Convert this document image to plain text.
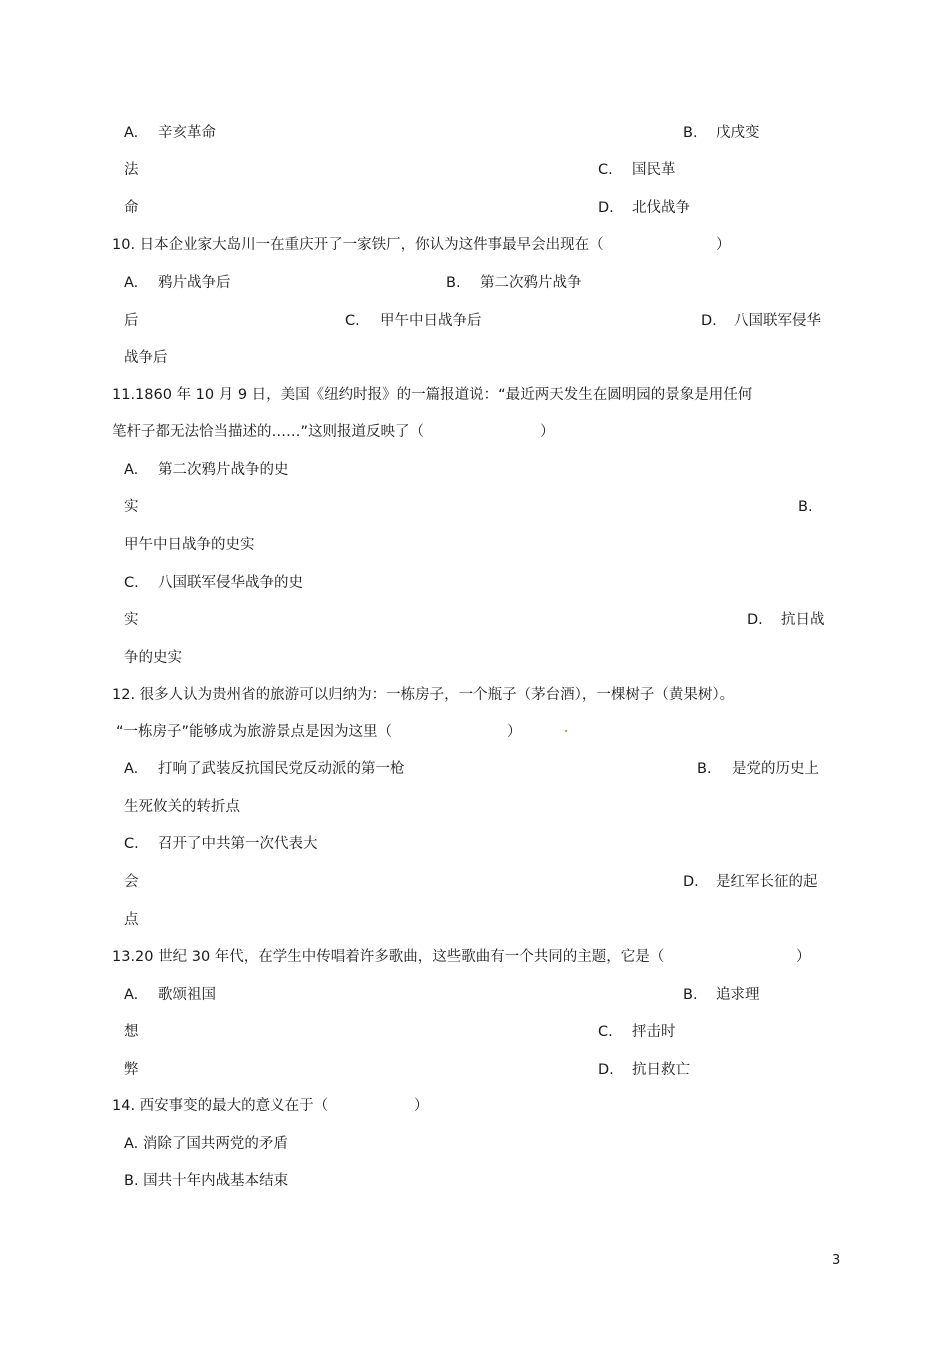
A. 辛亥革命	B. 戊戌变
法	C. 国民革
命	D. 北伐战争
10. 日本企业家大岛川一在重庆开了一家铁厂，你认为这件事最早会出现在（	）
A. 鸦片战争后	B. 第二次鸦片战争
后	C. 甲午中日战争后	D. 八国联军侵华
战争后
11.1860 年 10 月 9 日，美国《纽约时报》的一篇报道说：“最近两天发生在圆明园的景象是用任何
笔杆子都无法恰当描述的……”这则报道反映了（	）
A. 第二次鸦片战争的史
实	B.
甲午中日战争的史实
C. 八国联军侵华战争的史
实	D. 抗日战
争的史实
12. 很多人认为贵州省的旅游可以归纳为：一栋房子，一个瓶子（茅台酒），一棵树子（黄果树）。
“一栋房子”能够成为旅游景点是因为这里（	）
A. 打响了武装反抗国民党反动派的第一枪	B. 是党的历史上
生死攸关的转折点
C. 召开了中共第一次代表大
会	D. 是红军长征的起
点
13.20 世纪 30 年代，在学生中传唱着许多歌曲，这些歌曲有一个共同的主题，它是（	）
A. 歌颂祖国	B. 追求理
想	C. 抨击时
弊	D. 抗日救亡
14. 西安事变的最大的意义在于（	）
A. 消除了国共两党的矛盾
B. 国共十年内战基本结束
3
